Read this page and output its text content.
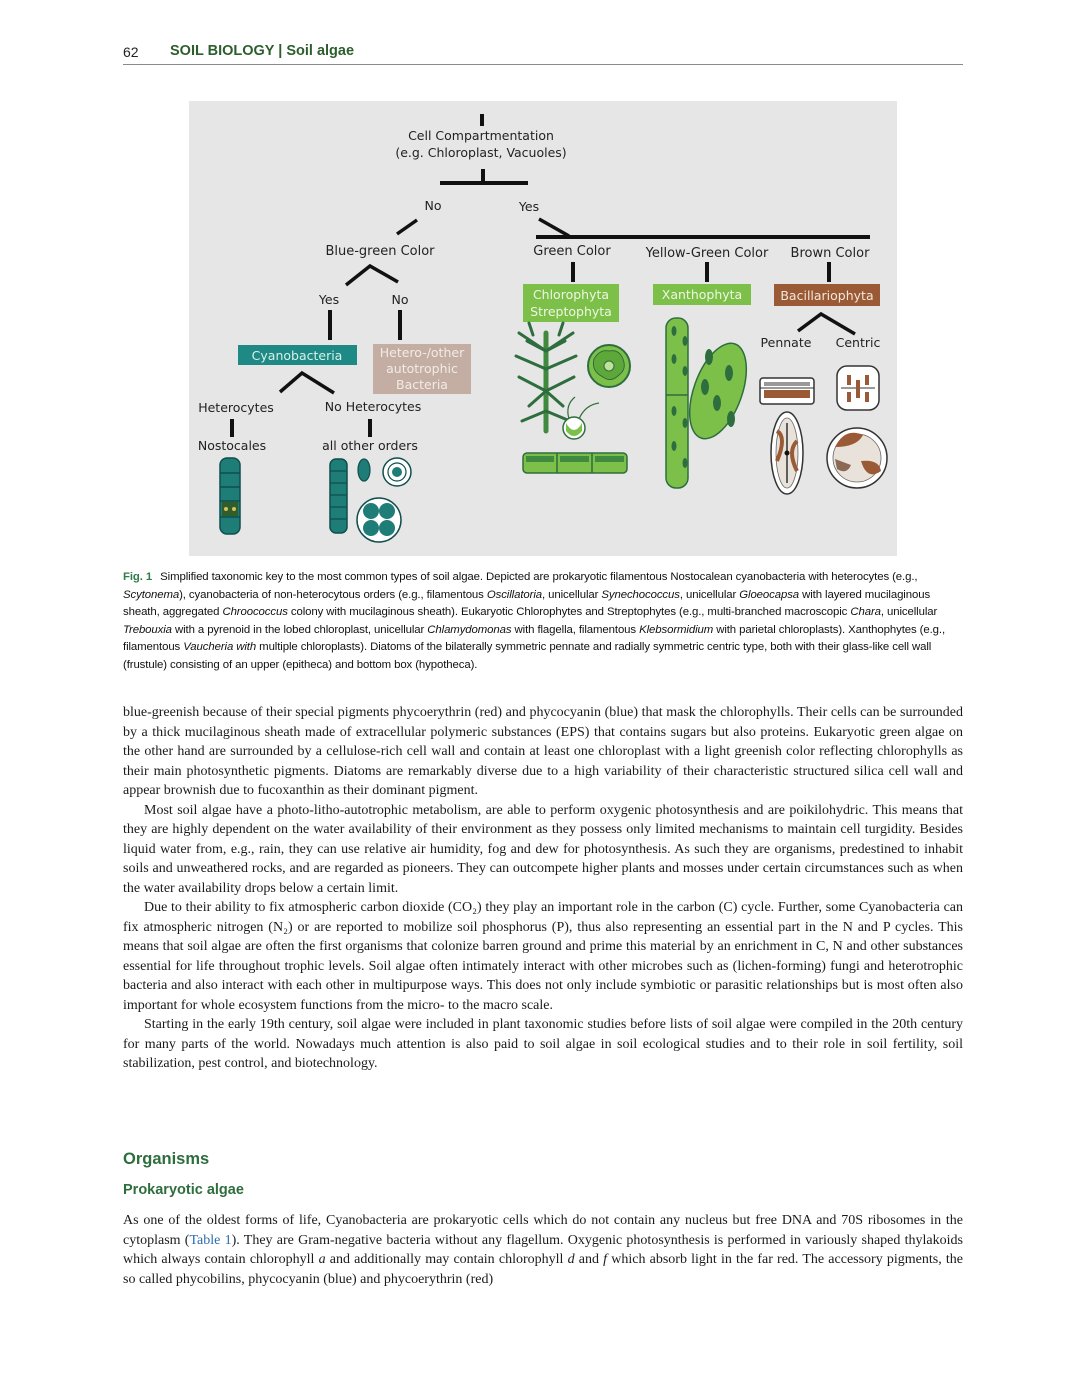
62 SOIL BIOLOGY | Soil algae
Cell Compartmentation
(e.g. Chloroplast, Vacuoles)
No	Yes
Blue-green Color
Yes	No
Cyanobacteria	Hetero-/other
autotrophic
Bacteria
Heterocytes	No Heterocytes
Nostocales	all other orders
Green Color	Yellow-Green Color Brown Color
Chlorophyta
Streptophyta
Xanthophyta	Bacillariophyta
Pennate Centric
Fig. 1 Simplified taxonomic key to the most common types of soil algae. Depicted are prokaryotic filamentous Nostocalean cyanobacteria with heterocytes (e.g., Scytonema), cyanobacteria of non-heterocytous orders (e.g., filamentous Oscillatoria, unicellular Synechococcus, unicellular Gloeocapsa with layered mucilaginous sheath, aggregated Chroococcus colony with mucilaginous sheath). Eukaryotic Chlorophytes and Streptophytes (e.g., multi-branched macroscopic Chara, unicellular Trebouxia with a pyrenoid in the lobed chloroplast, unicellular Chlamydomonas with flagella, filamentous Klebsormidium with parietal chloroplasts). Xanthophytes (e.g., filamentous Vaucheria with multiple chloroplasts). Diatoms of the bilaterally symmetric pennate and radially symmetric centric type, both with their glass-like cell wall (frustule) consisting of an upper (epitheca) and bottom box (hypotheca).

blue-greenish because of their special pigments phycoerythrin (red) and phycocyanin (blue) that mask the chlorophylls. Their cells can be surrounded by a thick mucilaginous sheath made of extracellular polymeric substances (EPS) that contains sugars but also proteins. Eukaryotic green algae on the other hand are surrounded by a cellulose-rich cell wall and contain at least one chloroplast with a light greenish color reflecting chlorophylls as their main photosynthetic pigments. Diatoms are remarkably diverse due to a high variability of their characteristic structured silica cell wall and appear brownish due to fucoxanthin as their dominant pigment.

Most soil algae have a photo-litho-autotrophic metabolism, are able to perform oxygenic photosynthesis and are poikilohydric. This means that they are highly dependent on the water availability of their environment as they possess only limited mechanisms to maintain cell turgidity. Besides liquid water from, e.g., rain, they can use relative air humidity, fog and dew for photosynthesis. As such they are organisms, predestined to inhabit soils and unweathered rocks, and are regarded as pioneers. They can outcompete higher plants and mosses under certain circumstances such as when the water availability drops below a certain limit.

Due to their ability to fix atmospheric carbon dioxide (CO₂) they play an important role in the carbon (C) cycle. Further, some Cyanobacteria can fix atmospheric nitrogen (N₂) or are reported to mobilize soil phosphorus (P), thus also representing an essential part in the N and P cycles. This means that soil algae are often the first organisms that colonize barren ground and prime this material by an enrichment in C, N and other substances essential for life throughout trophic levels. Soil algae often intimately interact with other microbes such as (lichen-forming) fungi and heterotrophic bacteria and also interact with each other in multipurpose ways. This does not only include symbiotic or parasitic relationships but is most often also important for whole ecosystem functions from the micro- to the macro scale.

Starting in the early 19th century, soil algae were included in plant taxonomic studies before lists of soil algae were compiled in the 20th century for many parts of the world. Nowadays much attention is also paid to soil algae in soil ecological studies and to their role in soil fertility, soil stabilization, pest control, and biotechnology.

Organisms
Prokaryotic algae

As one of the oldest forms of life, Cyanobacteria are prokaryotic cells which do not contain any nucleus but free DNA and 70S ribosomes in the cytoplasm (Table 1). They are Gram-negative bacteria without any flagellum. Oxygenic photosynthesis is performed in variously shaped thylakoids which always contain chlorophyll a and additionally may contain chlorophyll d and f which absorb light in the far red. The accessory pigments, the so called phycobilins, phycocyanin (blue) and phycoerythrin (red)
